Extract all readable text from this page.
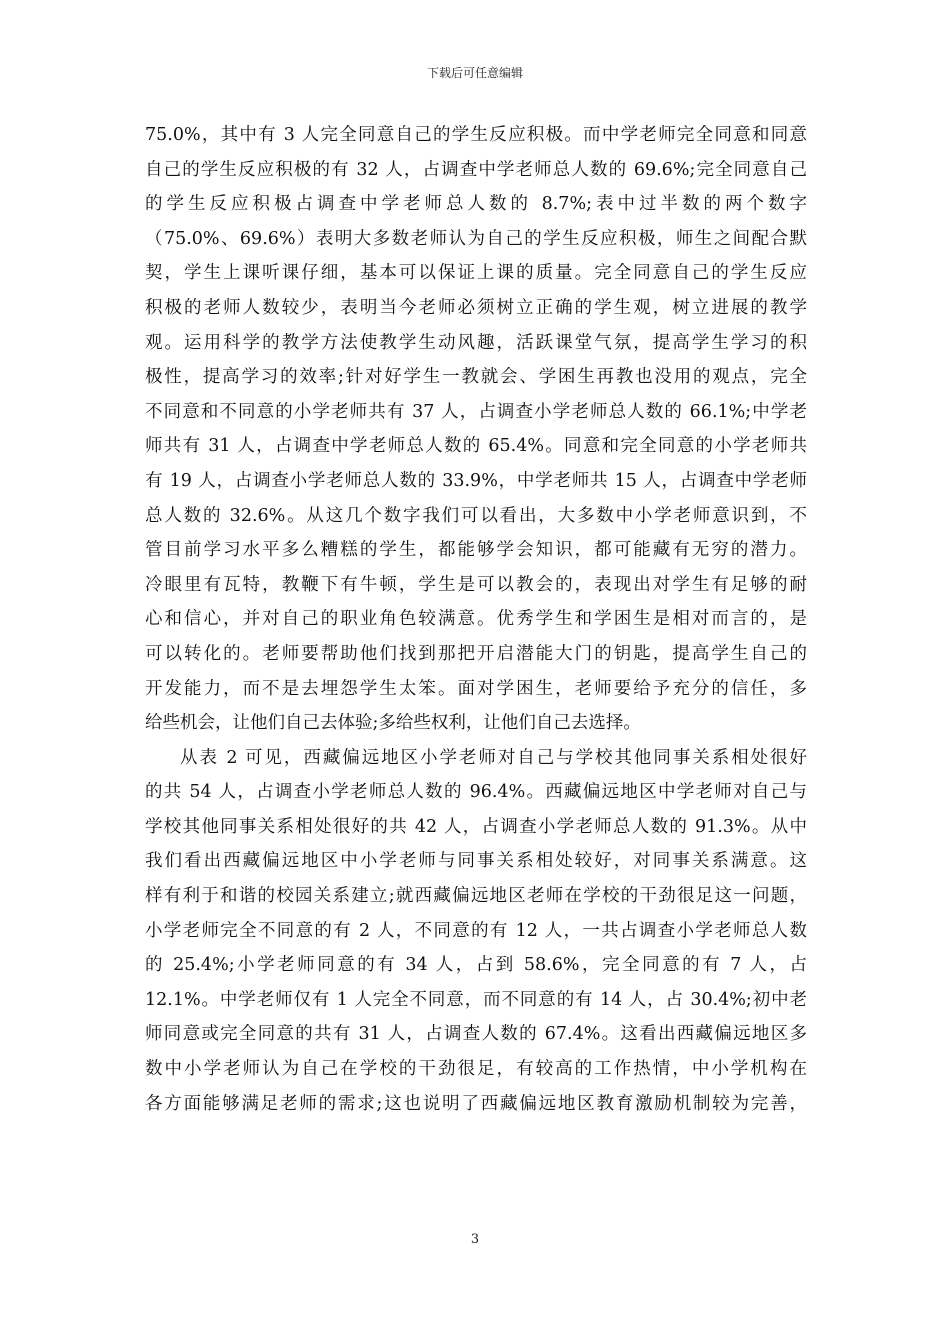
下载后可任意编辑
75.0%，其中有 3 人完全同意自己的学生反应积极。而中学老师完全同意和同意
自己的学生反应积极的有 32 人，占调查中学老师总人数的 69.6%;完全同意自己
的学生反应积极占调查中学老师总人数的 8.7%;表中过半数的两个数字
（75.0%、69.6%）表明大多数老师认为自己的学生反应积极，师生之间配合默
契，学生上课听课仔细，基本可以保证上课的质量。完全同意自己的学生反应
积极的老师人数较少，表明当今老师必须树立正确的学生观，树立进展的教学
观。运用科学的教学方法使教学生动风趣，活跃课堂气氛，提高学生学习的积
极性，提高学习的效率;针对好学生一教就会、学困生再教也没用的观点，完全
不同意和不同意的小学老师共有 37 人，占调查小学老师总人数的 66.1%;中学老
师共有 31 人，占调查中学老师总人数的 65.4%。同意和完全同意的小学老师共
有 19 人，占调查小学老师总人数的 33.9%，中学老师共 15 人，占调查中学老师
总人数的 32.6%。从这几个数字我们可以看出，大多数中小学老师意识到，不
管目前学习水平多么糟糕的学生，都能够学会知识，都可能藏有无穷的潜力。
冷眼里有瓦特，教鞭下有牛顿，学生是可以教会的，表现出对学生有足够的耐
心和信心，并对自己的职业角色较满意。优秀学生和学困生是相对而言的，是
可以转化的。老师要帮助他们找到那把开启潜能大门的钥匙，提高学生自己的
开发能力，而不是去埋怨学生太笨。面对学困生，老师要给予充分的信任，多
给些机会，让他们自己去体验;多给些权利，让他们自己去选择。
从表 2 可见，西藏偏远地区小学老师对自己与学校其他同事关系相处很好
的共 54 人，占调查小学老师总人数的 96.4%。西藏偏远地区中学老师对自己与
学校其他同事关系相处很好的共 42 人，占调查小学老师总人数的 91.3%。从中
我们看出西藏偏远地区中小学老师与同事关系相处较好，对同事关系满意。这
样有利于和谐的校园关系建立;就西藏偏远地区老师在学校的干劲很足这一问题，
小学老师完全不同意的有 2 人，不同意的有 12 人，一共占调查小学老师总人数
的 25.4%;小学老师同意的有 34 人，占到 58.6%，完全同意的有 7 人，占
12.1%。中学老师仅有 1 人完全不同意，而不同意的有 14 人，占 30.4%;初中老
师同意或完全同意的共有 31 人，占调查人数的 67.4%。这看出西藏偏远地区多
数中小学老师认为自己在学校的干劲很足，有较高的工作热情，中小学机构在
各方面能够满足老师的需求;这也说明了西藏偏远地区教育激励机制较为完善，
3
